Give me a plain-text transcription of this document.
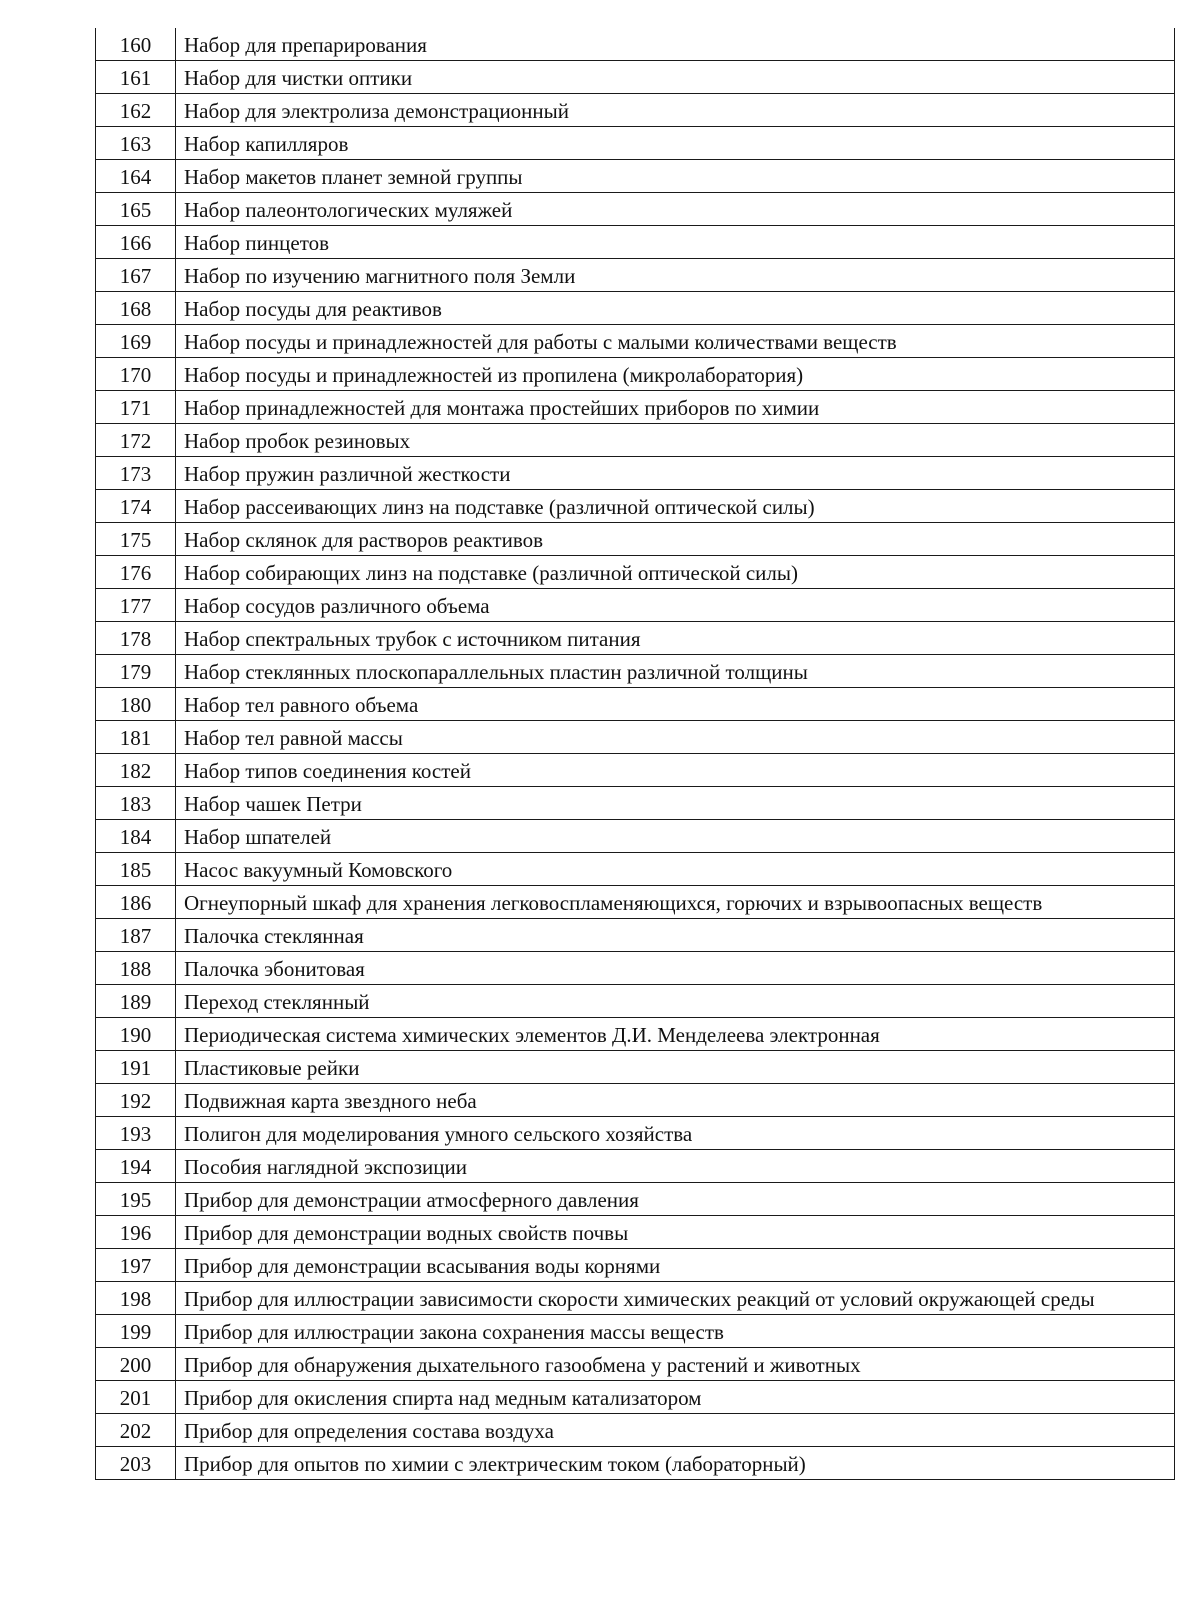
160	Набор для препарирования
161	Набор для чистки оптики
162	Набор для электролиза демонстрационный
163	Набор капилляров
164	Набор макетов планет земной группы
165	Набор палеонтологических муляжей
166	Набор пинцетов
167	Набор по изучению магнитного поля Земли
168	Набор посуды для реактивов
169	Набор посуды и принадлежностей для работы с малыми количествами веществ
170	Набор посуды и принадлежностей из пропилена (микролаборатория)
171	Набор принадлежностей для монтажа простейших приборов по химии
172	Набор пробок резиновых
173	Набор пружин различной жесткости
174	Набор рассеивающих линз на подставке (различной оптической силы)
175	Набор склянок для растворов реактивов
176	Набор собирающих линз на подставке (различной оптической силы)
177	Набор сосудов различного объема
178	Набор спектральных трубок с источником питания
179	Набор стеклянных плоскопараллельных пластин различной толщины
180	Набор тел равного объема
181	Набор тел равной массы
182	Набор типов соединения костей
183	Набор чашек Петри
184	Набор шпателей
185	Насос вакуумный Комовского
186	Огнеупорный шкаф для хранения легковоспламеняющихся, горючих и взрывоопасных веществ
187	Палочка стеклянная
188	Палочка эбонитовая
189	Переход стеклянный
190	Периодическая система химических элементов Д.И. Менделеева электронная
191	Пластиковые рейки
192	Подвижная карта звездного неба
193	Полигон для моделирования умного сельского хозяйства
194	Пособия наглядной экспозиции
195	Прибор для демонстрации атмосферного давления
196	Прибор для демонстрации водных свойств почвы
197	Прибор для демонстрации всасывания воды корнями
198	Прибор для иллюстрации зависимости скорости химических реакций от условий окружающей среды
199	Прибор для иллюстрации закона сохранения массы веществ
200	Прибор для обнаружения дыхательного газообмена у растений и животных
201	Прибор для окисления спирта над медным катализатором
202	Прибор для определения состава воздуха
203	Прибор для опытов по химии с электрическим током (лабораторный)
